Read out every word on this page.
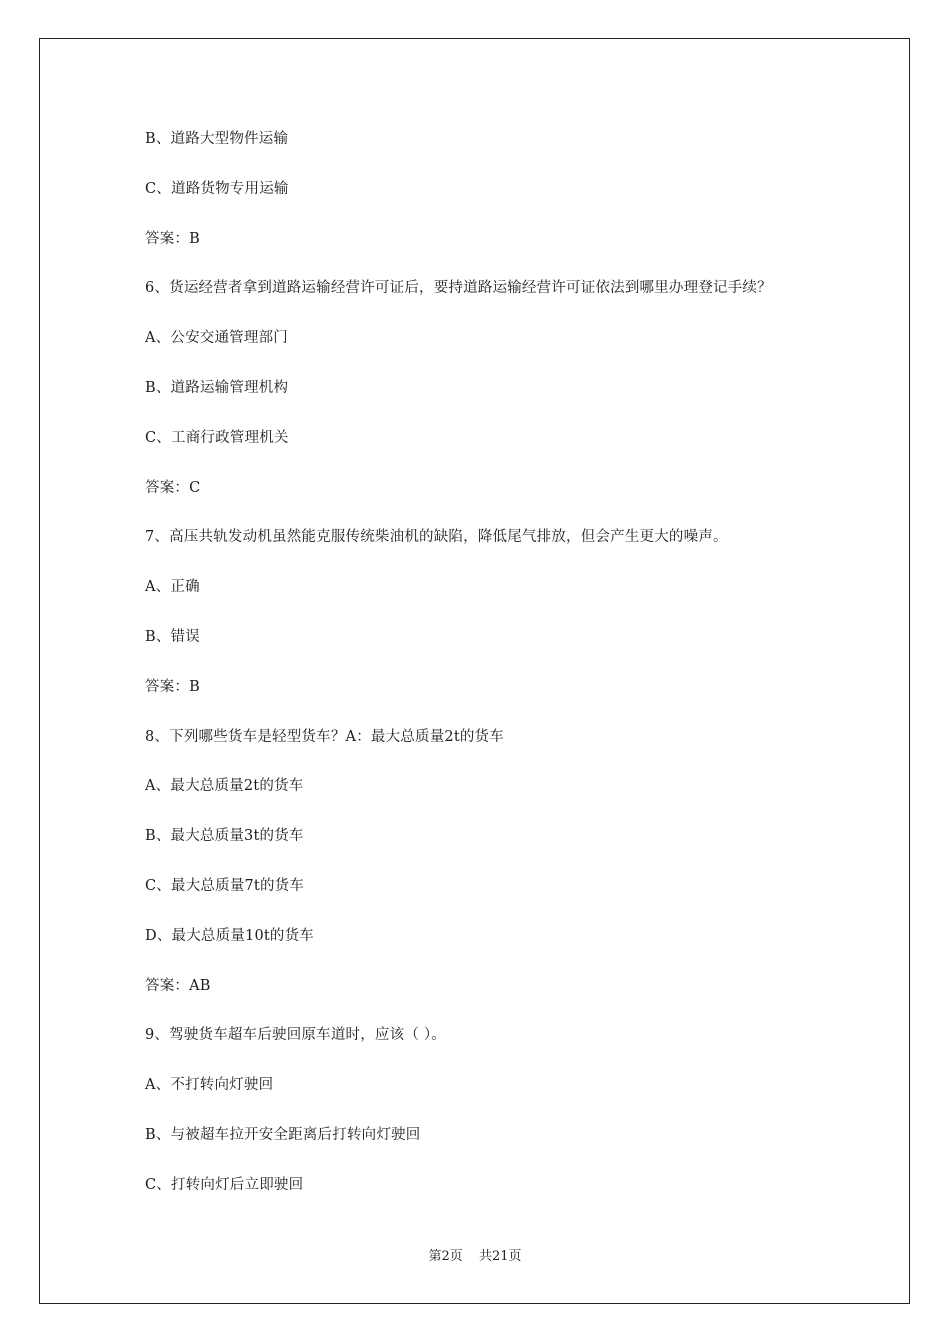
B、道路大型物件运输
C、道路货物专用运输
答案：B
6、货运经营者拿到道路运输经营许可证后，要持道路运输经营许可证依法到哪里办理登记手续？
A、公安交通管理部门
B、道路运输管理机构
C、工商行政管理机关
答案：C
7、高压共轨发动机虽然能克服传统柴油机的缺陷，降低尾气排放，但会产生更大的噪声。
A、正确
B、错误
答案：B
8、下列哪些货车是轻型货车？A：最大总质量2t的货车
A、最大总质量2t的货车
B、最大总质量3t的货车
C、最大总质量7t的货车
D、最大总质量10t的货车
答案：AB
9、驾驶货车超车后驶回原车道时，应该（ ）。
A、不打转向灯驶回
B、与被超车拉开安全距离后打转向灯驶回
C、打转向灯后立即驶回
第2页 共21页
